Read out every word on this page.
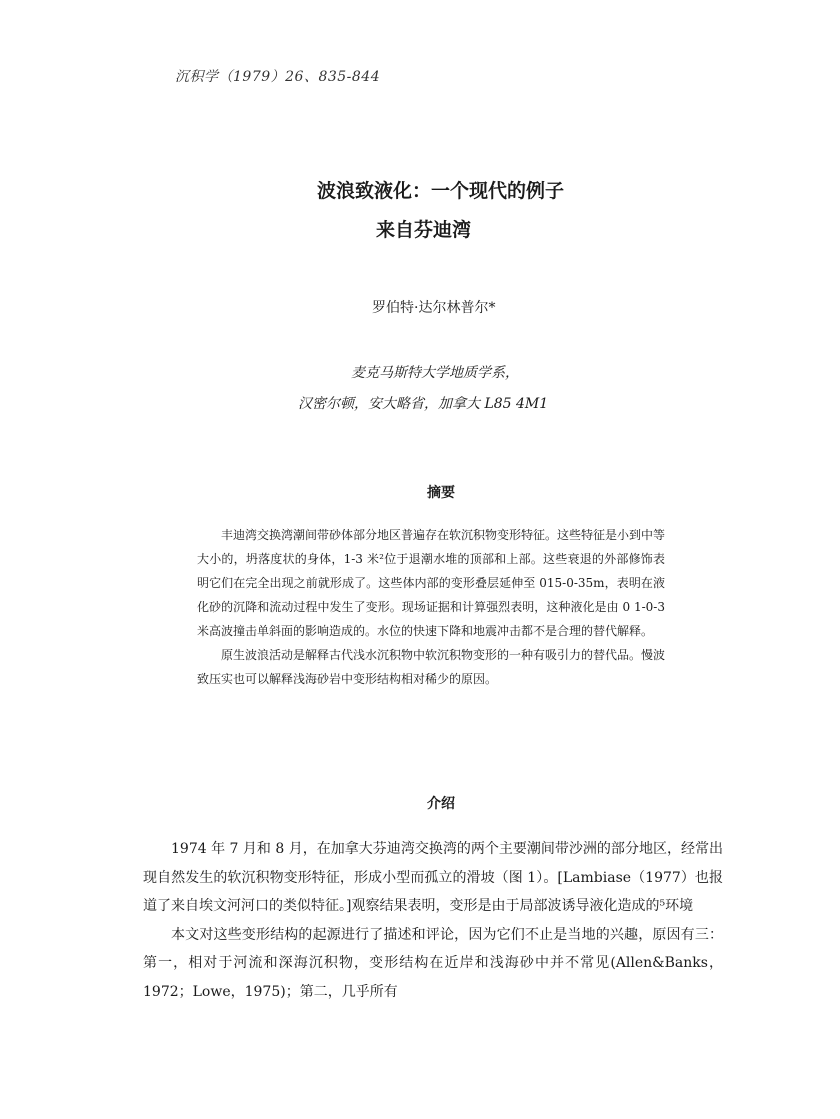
沉积学（1979）26、835-844
波浪致液化：一个现代的例子
来自芬迪湾
罗伯特·达尔林普尔*
麦克马斯特大学地质学系，
汉密尔顿，安大略省，加拿大 L85 4M1
摘要

丰迪湾交换湾潮间带砂体部分地区普遍存在软沉积物变形特征。这些特征是小到中等大小的，坍落度状的身体，1-3 米²位于退潮水堆的顶部和上部。这些衰退的外部修饰表明它们在完全出现之前就形成了。这些体内部的变形叠层延伸至 015-0-35m，表明在液化砂的沉降和流动过程中发生了变形。现场证据和计算强烈表明，这种液化是由 0 1-0-3 米高波撞击单斜面的影响造成的。水位的快速下降和地震冲击都不是合理的替代解释。

原生波浪活动是解释古代浅水沉积物中软沉积物变形的一种有吸引力的替代品。慢波致压实也可以解释浅海砂岩中变形结构相对稀少的原因。

介绍

1974 年 7 月和 8 月，在加拿大芬迪湾交换湾的两个主要潮间带沙洲的部分地区，经常出现自然发生的软沉积物变形特征，形成小型而孤立的滑坡（图 1）。[Lambiase（1977）也报道了来自埃文河河口的类似特征。]观察结果表明，变形是由于局部波诱导液化造成的⁵环境

本文对这些变形结构的起源进行了描述和评论，因为它们不止是当地的兴趣，原因有三：第一，相对于河流和深海沉积物，变形结构在近岸和浅海砂中并不常见(Allen&Banks，1972；Lowe，1975)；第二，几乎所有
